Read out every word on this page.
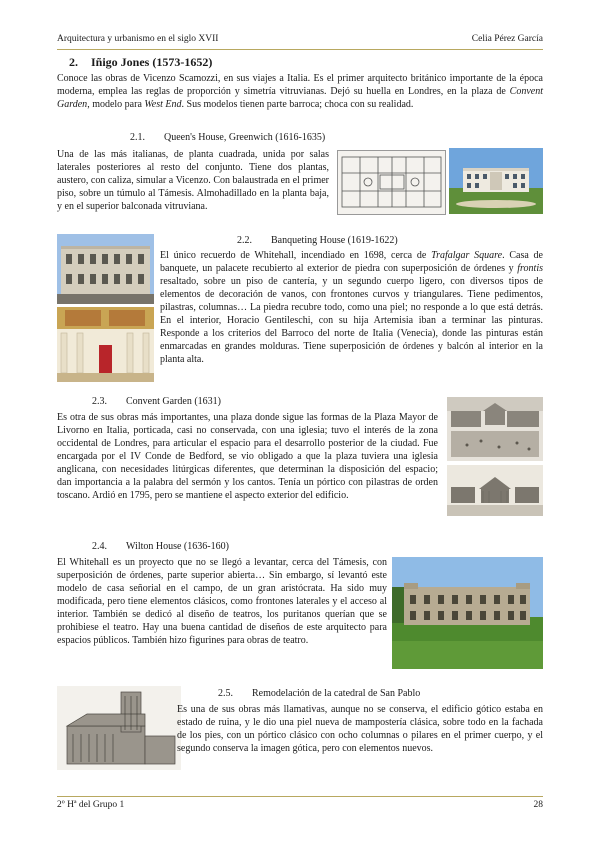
Arquitectura y urbanismo en el siglo XVII	Celia Pérez García
2. Iñigo Jones (1573-1652)

Conoce las obras de Vicenzo Scamozzi, en sus viajes a Italia. Es el primer arquitecto británico importante de la época moderna, emplea las reglas de proporción y simetría vitruvianas. Dejó su huella en Londres, en la plaza de Convent Garden, modelo para West End. Sus modelos tienen parte barroca; choca con su realidad.

2.1. Queen's House, Greenwich (1616-1635)

Una de las más italianas, de planta cuadrada, unida por salas laterales posteriores al resto del conjunto. Tiene dos plantas, austero, con caliza, simular a Vicenzo. Con balaustrada en el primer piso, sobre un túmulo al Támesis. Almohadillado en la planta baja, y en el superior balconada vitruviana.

2.2. Banqueting House (1619-1622)

El único recuerdo de Whitehall, incendiado en 1698, cerca de Trafalgar Square. Casa de banquete, un palacete recubierto al exterior de piedra con superposición de órdenes y frontis resaltado, sobre un piso de cantería, y un segundo cuerpo ligero, con diversos tipos de elementos de decoración de vanos, con frontones curvos y triangulares. Tiene pedimentos, pilastras, columnas… La piedra recubre todo, como una piel; no responde a lo que está detrás. En el interior, Horacio Gentileschi, con su hija Artemisia iban a terminar las pinturas. Responde a los criterios del Barroco del norte de Italia (Venecia), donde las pinturas están enmarcadas en grandes molduras. Tiene superposición de órdenes y balcón al interior en la planta alta.

2.3. Convent Garden (1631)

Es otra de sus obras más importantes, una plaza donde sigue las formas de la Plaza Mayor de Livorno en Italia, porticada, casi no conservada, con una iglesia; tuvo el interés de la zona occidental de Londres, para articular el espacio para el desarrollo posterior de la ciudad. Fue encargada por el IV Conde de Bedford, se vio obligado a que la plaza tuviera una iglesia anglicana, con necesidades litúrgicas diferentes, que determinan la disposición del espacio; dan importancia a la palabra del sermón y los cantos. Tenía un pórtico con pilastras de orden toscano. Ardió en 1795, pero se mantiene el aspecto exterior del edificio.

2.4. Wilton House (1636-160)

El Whitehall es un proyecto que no se llegó a levantar, cerca del Támesis, con superposición de órdenes, parte superior abierta… Sin embargo, sí levantó este modelo de casa señorial en el campo, de un gran aristócrata. Ha sido muy modificada, pero tiene elementos clásicos, como frontones laterales y el acceso al interior. También se dedicó al diseño de teatros, los puritanos querían que se prohibiese el teatro. Hay una buena cantidad de diseños de este arquitecto para espacios públicos. También hizo figurines para obras de teatro.

2.5. Remodelación de la catedral de San Pablo

Es una de sus obras más llamativas, aunque no se conserva, el edificio gótico estaba en estado de ruina, y le dio una piel nueva de mampostería clásica, sobre todo en la fachada de los pies, con un pórtico clásico con ocho columnas o pilares en el primer cuerpo, y el segundo conserva la imagen gótica, pero con elementos nuevos.

2º Hª del Grupo 1	28
